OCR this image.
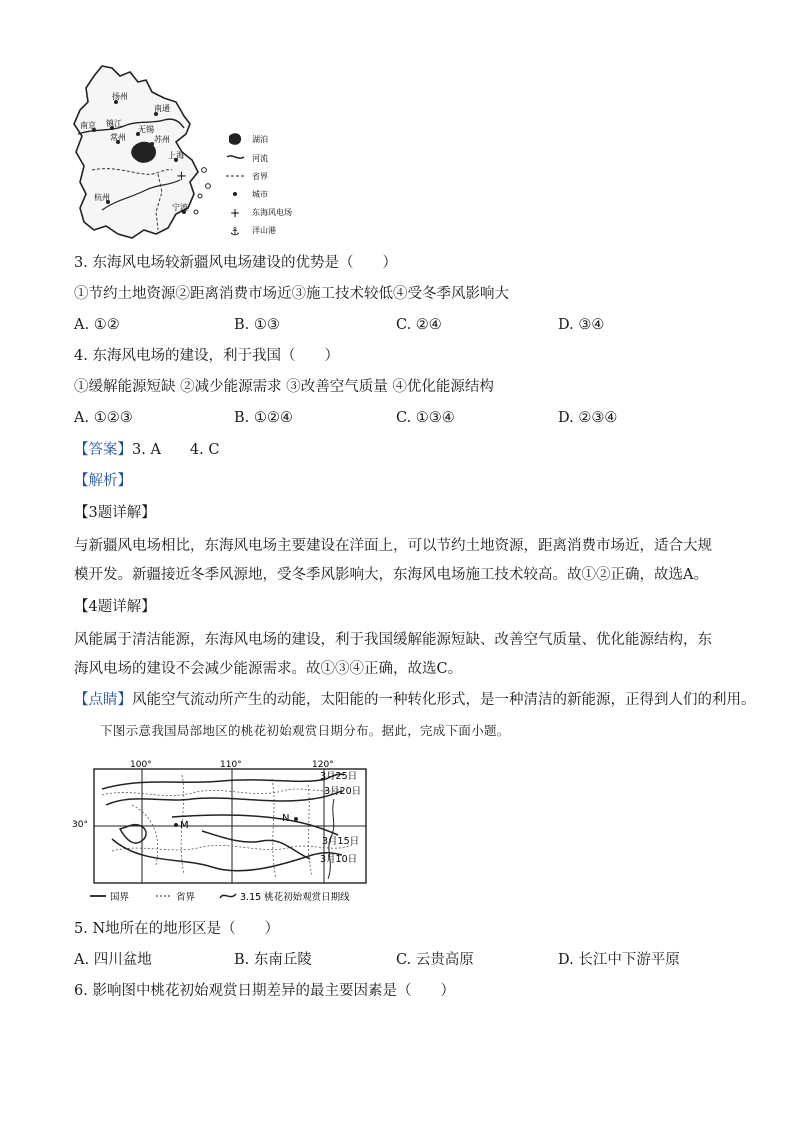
+
扬州
南通
南京 镇江
无锡
常州	苏州
上海
杭州
宁波
湖泊
河流
省界
城市
+ 东海风电场
⚓ 洋山港
3. 东海风电场较新疆风电场建设的优势是（　　）
①节约土地资源②距离消费市场近③施工技术较低④受冬季风影响大
A. ①②	B. ①③	C. ②④	D. ③④
4. 东海风电场的建设，利于我国（　　）
①缓解能源短缺 ②减少能源需求 ③改善空气质量 ④优化能源结构
A. ①②③	B. ①②④	C. ①③④	D. ②③④
【答案】3. A　　4. C
【解析】
【3题详解】
与新疆风电场相比，东海风电场主要建设在洋面上，可以节约土地资源，距离消费市场近，适合大规模开发。新疆接近冬季风源地，受冬季风影响大，东海风电场施工技术较高。故①②正确，故选A。
【4题详解】
风能属于清洁能源，东海风电场的建设，利于我国缓解能源短缺、改善空气质量、优化能源结构，东海风电场的建设不会减少能源需求。故①③④正确，故选C。
【点睛】风能空气流动所产生的动能，太阳能的一种转化形式，是一种清洁的新能源，正得到人们的利用。
下图示意我国局部地区的桃花初始观赏日期分布。据此，完成下面小题。
100°	110°	120°
30°	M
N
3月25日
3月20日
3月15日
3月10日
国界	省界	3.15 桃花初始观赏日期线
5. N地所在的地形区是（　　）
A. 四川盆地	B. 东南丘陵	C. 云贵高原	D. 长江中下游平原
6. 影响图中桃花初始观赏日期差异的最主要因素是（　　）
